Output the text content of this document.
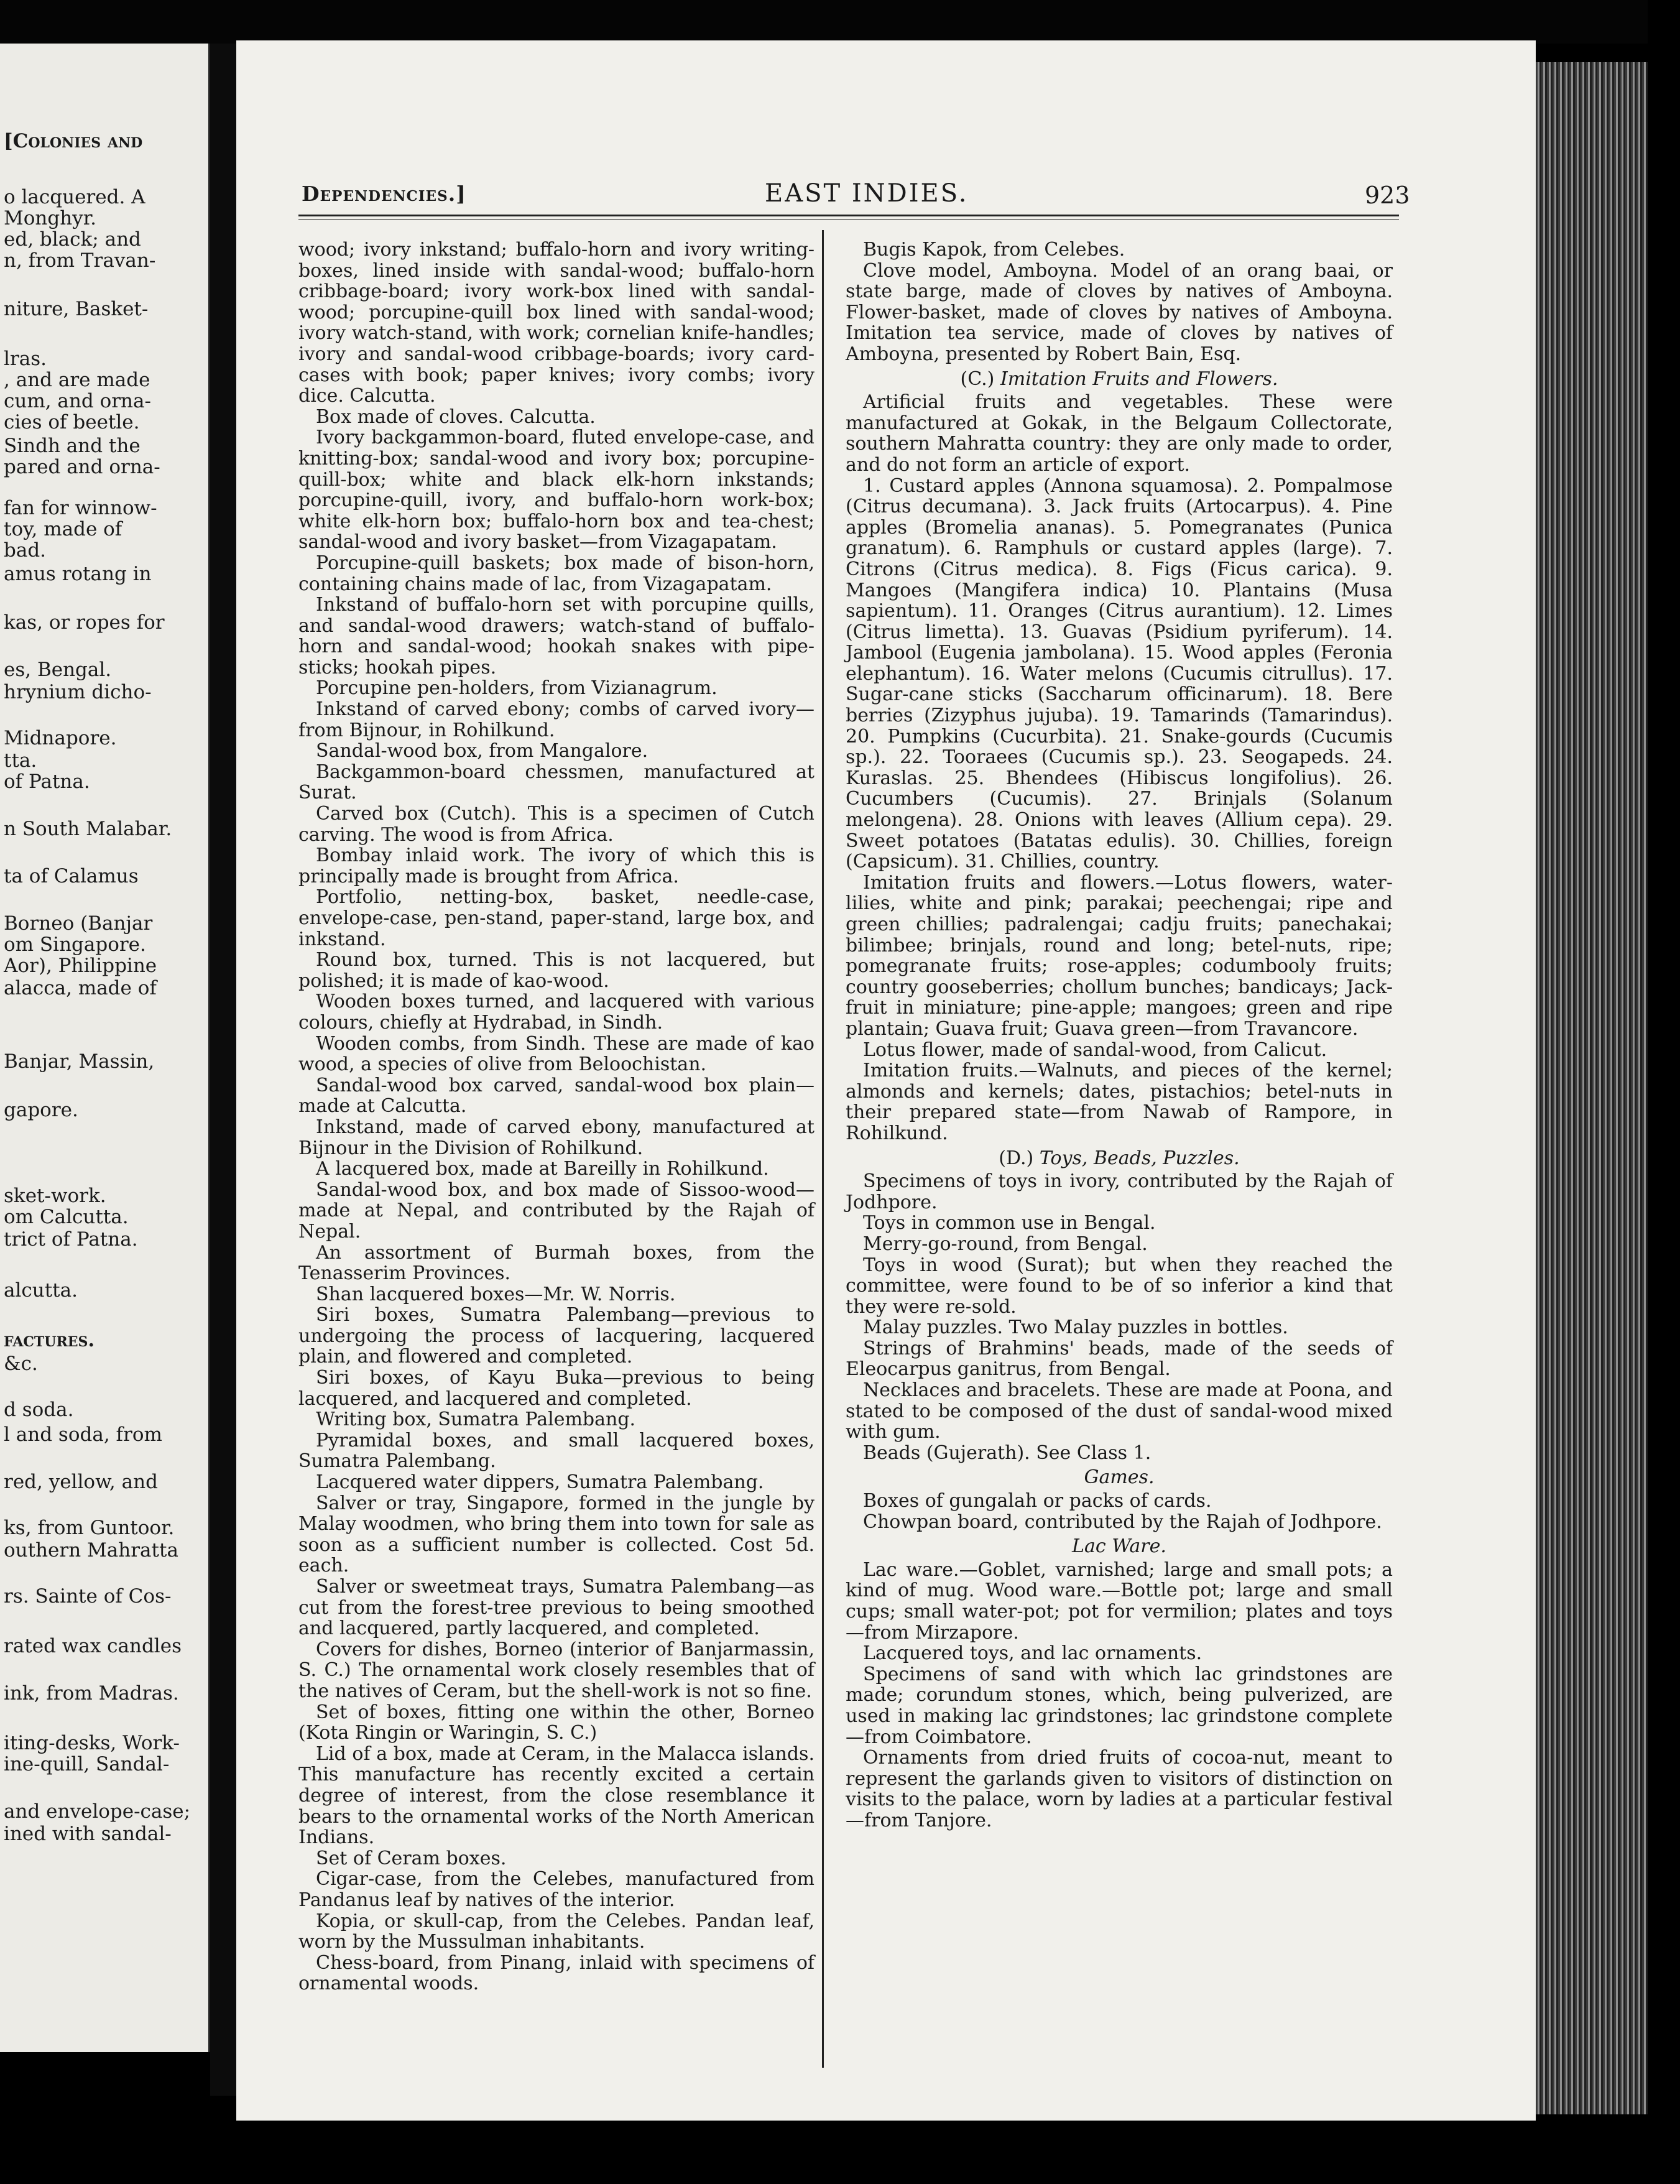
[Colonies and
o lacquered. A
Monghyr.
ed, black; and
n, from Travan-
niture, Basket-
lras.
, and are made
cum, and orna-
cies of beetle.
Sindh and the
pared and orna-
fan for winnow-
toy, made of
bad.
amus rotang in
kas, or ropes for
es, Bengal.
hrynium dicho-
Midnapore.
tta.
of Patna.
n South Malabar.
ta of Calamus
Borneo (Banjar
om Singapore.
Aor), Philippine
alacca, made of
Banjar, Massin,
gapore.
sket-work.
om Calcutta.
trict of Patna.
alcutta.
factures.
&c.
d soda.
l and soda, from
red, yellow, and
ks, from Guntoor.
outhern Mahratta
rs. Sainte of Cos-
rated wax candles
ink, from Madras.
iting-desks, Work-
ine-quill, Sandal-
and envelope-case;
ined with sandal-
Dependencies.]	EAST INDIES.	923

wood; ivory inkstand; buffalo-horn and ivory writing-boxes, lined inside with sandal-wood; buffalo-horn cribbage-board; ivory work-box lined with sandal-wood; porcupine-quill box lined with sandal-wood; ivory watch-stand, with work; cornelian knife-handles; ivory and sandal-wood cribbage-boards; ivory card-cases with book; paper knives; ivory combs; ivory dice. Calcutta.

Box made of cloves. Calcutta.

Ivory backgammon-board, fluted envelope-case, and knitting-box; sandal-wood and ivory box; porcupine-quill-box; white and black elk-horn inkstands; porcupine-quill, ivory, and buffalo-horn work-box; white elk-horn box; buffalo-horn box and tea-chest; sandal-wood and ivory basket—from Vizagapatam.

Porcupine-quill baskets; box made of bison-horn, containing chains made of lac, from Vizagapatam.

Inkstand of buffalo-horn set with porcupine quills, and sandal-wood drawers; watch-stand of buffalo-horn and sandal-wood; hookah snakes with pipe-sticks; hookah pipes.

Porcupine pen-holders, from Vizianagrum.

Inkstand of carved ebony; combs of carved ivory—from Bijnour, in Rohilkund.

Sandal-wood box, from Mangalore.

Backgammon-board chessmen, manufactured at Surat.

Carved box (Cutch). This is a specimen of Cutch carving. The wood is from Africa.

Bombay inlaid work. The ivory of which this is principally made is brought from Africa.

Portfolio, netting-box, basket, needle-case, envelope-case, pen-stand, paper-stand, large box, and inkstand.

Round box, turned. This is not lacquered, but polished; it is made of kao-wood.

Wooden boxes turned, and lacquered with various colours, chiefly at Hydrabad, in Sindh.

Wooden combs, from Sindh. These are made of kao wood, a species of olive from Beloochistan.

Sandal-wood box carved, sandal-wood box plain—made at Calcutta.

Inkstand, made of carved ebony, manufactured at Bijnour in the Division of Rohilkund.

A lacquered box, made at Bareilly in Rohilkund.

Sandal-wood box, and box made of Sissoo-wood—made at Nepal, and contributed by the Rajah of Nepal.

An assortment of Burmah boxes, from the Tenasserim Provinces.

Shan lacquered boxes—Mr. W. Norris.

Siri boxes, Sumatra Palembang—previous to undergoing the process of lacquering, lacquered plain, and flowered and completed.

Siri boxes, of Kayu Buka—previous to being lacquered, and lacquered and completed.

Writing box, Sumatra Palembang.

Pyramidal boxes, and small lacquered boxes, Sumatra Palembang.

Lacquered water dippers, Sumatra Palembang.

Salver or tray, Singapore, formed in the jungle by Malay woodmen, who bring them into town for sale as soon as a sufficient number is collected. Cost 5d. each.

Salver or sweetmeat trays, Sumatra Palembang—as cut from the forest-tree previous to being smoothed and lacquered, partly lacquered, and completed.

Covers for dishes, Borneo (interior of Banjarmassin, S. C.) The ornamental work closely resembles that of the natives of Ceram, but the shell-work is not so fine.

Set of boxes, fitting one within the other, Borneo (Kota Ringin or Waringin, S. C.)

Lid of a box, made at Ceram, in the Malacca islands. This manufacture has recently excited a certain degree of interest, from the close resemblance it bears to the ornamental works of the North American Indians.

Set of Ceram boxes.

Cigar-case, from the Celebes, manufactured from Pandanus leaf by natives of the interior.

Kopia, or skull-cap, from the Celebes. Pandan leaf, worn by the Mussulman inhabitants.

Chess-board, from Pinang, inlaid with specimens of ornamental woods.

Bugis Kapok, from Celebes.

Clove model, Amboyna. Model of an orang baai, or state barge, made of cloves by natives of Amboyna. Flower-basket, made of cloves by natives of Amboyna. Imitation tea service, made of cloves by natives of Amboyna, presented by Robert Bain, Esq.

(C.) Imitation Fruits and Flowers.

Artificial fruits and vegetables. These were manufactured at Gokak, in the Belgaum Collectorate, southern Mahratta country: they are only made to order, and do not form an article of export.

1. Custard apples (Annona squamosa). 2. Pompalmose (Citrus decumana). 3. Jack fruits (Artocarpus). 4. Pine apples (Bromelia ananas). 5. Pomegranates (Punica granatum). 6. Ramphuls or custard apples (large). 7. Citrons (Citrus medica). 8. Figs (Ficus carica). 9. Mangoes (Mangifera indica) 10. Plantains (Musa sapientum). 11. Oranges (Citrus aurantium). 12. Limes (Citrus limetta). 13. Guavas (Psidium pyriferum). 14. Jambool (Eugenia jambolana). 15. Wood apples (Feronia elephantum). 16. Water melons (Cucumis citrullus). 17. Sugar-cane sticks (Saccharum officinarum). 18. Bere berries (Zizyphus jujuba). 19. Tamarinds (Tamarindus). 20. Pumpkins (Cucurbita). 21. Snake-gourds (Cucumis sp.). 22. Tooraees (Cucumis sp.). 23. Seogapeds. 24. Kuraslas. 25. Bhendees (Hibiscus longifolius). 26. Cucumbers (Cucumis). 27. Brinjals (Solanum melongena). 28. Onions with leaves (Allium cepa). 29. Sweet potatoes (Batatas edulis). 30. Chillies, foreign (Capsicum). 31. Chillies, country.

Imitation fruits and flowers.—Lotus flowers, water-lilies, white and pink; parakai; peechengai; ripe and green chillies; padralengai; cadju fruits; panechakai; bilimbee; brinjals, round and long; betel-nuts, ripe; pomegranate fruits; rose-apples; codumbooly fruits; country gooseberries; chollum bunches; bandicays; Jack-fruit in miniature; pine-apple; mangoes; green and ripe plantain; Guava fruit; Guava green—from Travancore.

Lotus flower, made of sandal-wood, from Calicut.

Imitation fruits.—Walnuts, and pieces of the kernel; almonds and kernels; dates, pistachios; betel-nuts in their prepared state—from Nawab of Rampore, in Rohilkund.

(D.) Toys, Beads, Puzzles.

Specimens of toys in ivory, contributed by the Rajah of Jodhpore.

Toys in common use in Bengal.

Merry-go-round, from Bengal.

Toys in wood (Surat); but when they reached the committee, were found to be of so inferior a kind that they were re-sold.

Malay puzzles. Two Malay puzzles in bottles.

Strings of Brahmins' beads, made of the seeds of Eleocarpus ganitrus, from Bengal.

Necklaces and bracelets. These are made at Poona, and stated to be composed of the dust of sandal-wood mixed with gum.

Beads (Gujerath). See Class 1.

Games.

Boxes of gungalah or packs of cards.

Chowpan board, contributed by the Rajah of Jodhpore.

Lac Ware.

Lac ware.—Goblet, varnished; large and small pots; a kind of mug. Wood ware.—Bottle pot; large and small cups; small water-pot; pot for vermilion; plates and toys—from Mirzapore.

Lacquered toys, and lac ornaments.

Specimens of sand with which lac grindstones are made; corundum stones, which, being pulverized, are used in making lac grindstones; lac grindstone complete—from Coimbatore.

Ornaments from dried fruits of cocoa-nut, meant to represent the garlands given to visitors of distinction on visits to the palace, worn by ladies at a particular festival—from Tanjore.
